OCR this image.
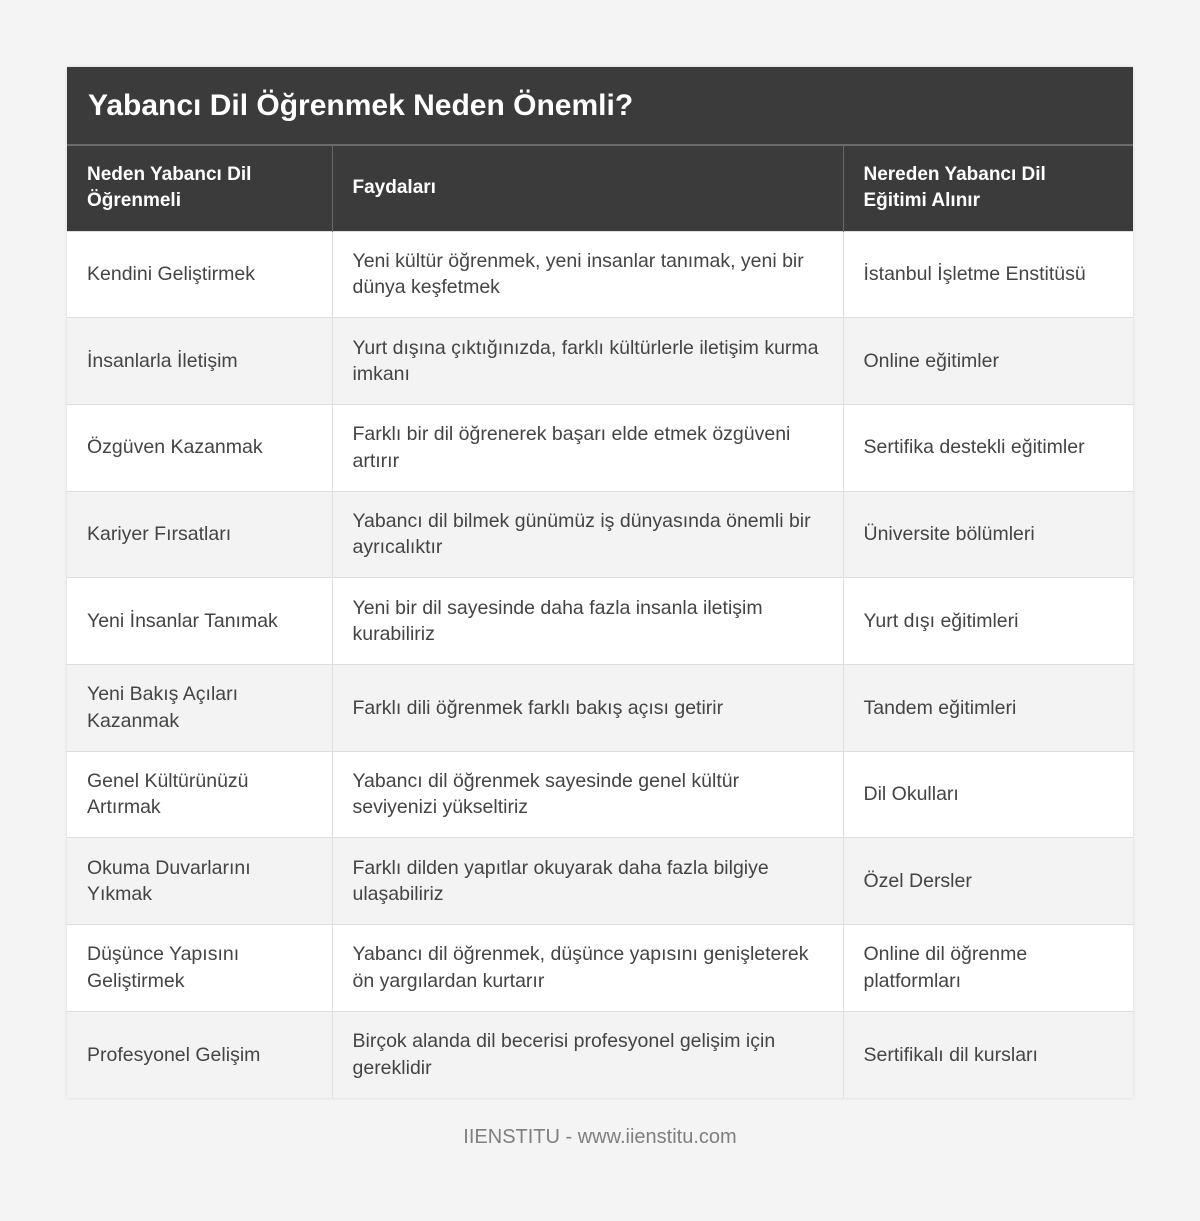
Yabancı Dil Öğrenmek Neden Önemli?
Neden Yabancı Dil Öğrenmeli	Faydaları	Nereden Yabancı Dil Eğitimi Alınır
Kendini Geliştirmek	Yeni kültür öğrenmek, yeni insanlar tanımak, yeni bir dünya keşfetmek	İstanbul İşletme Enstitüsü
İnsanlarla İletişim	Yurt dışına çıktığınızda, farklı kültürlerle iletişim kurma imkanı	Online eğitimler
Özgüven Kazanmak	Farklı bir dil öğrenerek başarı elde etmek özgüveni artırır	Sertifika destekli eğitimler
Kariyer Fırsatları	Yabancı dil bilmek günümüz iş dünyasında önemli bir ayrıcalıktır	Üniversite bölümleri
Yeni İnsanlar Tanımak	Yeni bir dil sayesinde daha fazla insanla iletişim kurabiliriz	Yurt dışı eğitimleri
Yeni Bakış Açıları Kazanmak	Farklı dili öğrenmek farklı bakış açısı getirir	Tandem eğitimleri
Genel Kültürünüzü Artırmak	Yabancı dil öğrenmek sayesinde genel kültür seviyenizi yükseltiriz	Dil Okulları
Okuma Duvarlarını Yıkmak	Farklı dilden yapıtlar okuyarak daha fazla bilgiye ulaşabiliriz	Özel Dersler
Düşünce Yapısını Geliştirmek	Yabancı dil öğrenmek, düşünce yapısını genişleterek ön yargılardan kurtarır	Online dil öğrenme platformları
Profesyonel Gelişim	Birçok alanda dil becerisi profesyonel gelişim için gereklidir	Sertifikalı dil kursları
IIENSTITU - www.iienstitu.com
